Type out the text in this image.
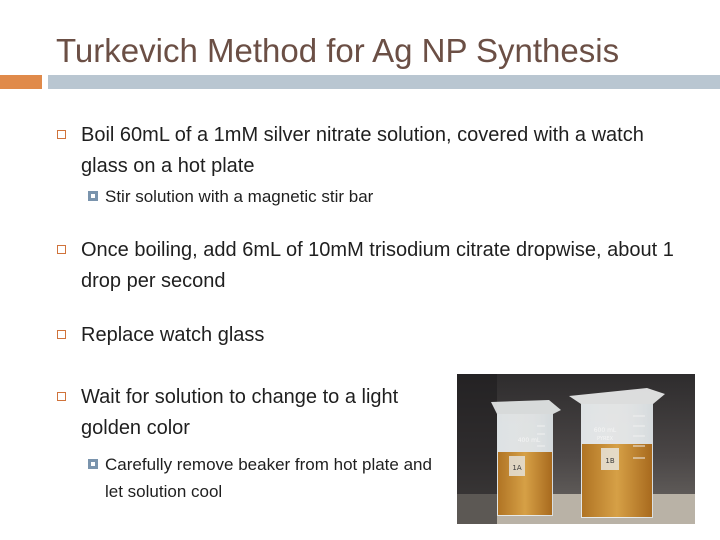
Turkevich Method for Ag NP Synthesis
Boil 60mL of a 1mM silver nitrate solution, covered with a watch glass on a hot plate
Stir solution with a magnetic stir bar
Once boiling, add 6mL of 10mM trisodium citrate dropwise, about 1 drop per second
Replace watch glass
Wait for solution to change to a light golden color
Carefully remove beaker from hot plate and let solution cool
1A
400 mL
1B
600 mL
PYREX
